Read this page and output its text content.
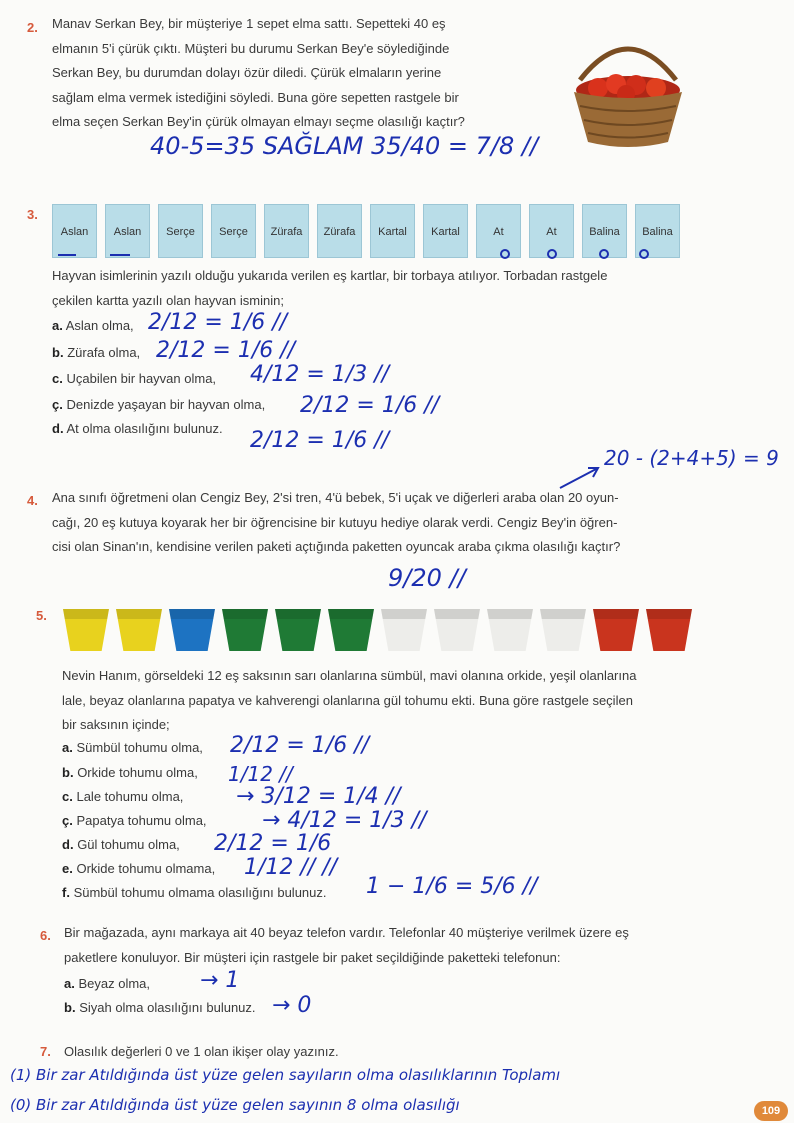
2. Manav Serkan Bey, bir müşteriye 1 sepet elma sattı. Sepetteki 40 eş
elmanın 5'i çürük çıktı. Müşteri bu durumu Serkan Bey'e söylediğinde
Serkan Bey, bu durumdan dolayı özür diledi. Çürük elmaların yerine
sağlam elma vermek istediğini söyledi. Buna göre sepetten rastgele bir
elma seçen Serkan Bey'in çürük olmayan elmayı seçme olasılığı kaçtır?
40-5=35 SAĞLAM 35/40 = 7/8 //
3.
Aslan	Aslan	Serçe	Serçe	Zürafa	Zürafa	Kartal	Kartal	At	At	Balina	Balina
Hayvan isimlerinin yazılı olduğu yukarıda verilen eş kartlar, bir torbaya atılıyor. Torbadan rastgele
çekilen kartta yazılı olan hayvan isminin;
a. Aslan olma, 2/12 = 1/6 //
b. Zürafa olma, 2/12 = 1/6 //
c. Uçabilen bir hayvan olma, 4/12 = 1/3 //
ç. Denizde yaşayan bir hayvan olma, 2/12 = 1/6 //
d. At olma olasılığını bulunuz. 2/12 = 1/6 //
20 - (2+4+5) = 9
4. Ana sınıfı öğretmeni olan Cengiz Bey, 2'si tren, 4'ü bebek, 5'i uçak ve diğerleri araba olan 20 oyun-
cağı, 20 eş kutuya koyarak her bir öğrencisine bir kutuyu hediye olarak verdi. Cengiz Bey'in öğren-
cisi olan Sinan'ın, kendisine verilen paketi açtığında paketten oyuncak araba çıkma olasılığı kaçtır?
9/20 //
5.
Nevin Hanım, görseldeki 12 eş saksının sarı olanlarına sümbül, mavi olanına orkide, yeşil olanlarına
lale, beyaz olanlarına papatya ve kahverengi olanlarına gül tohumu ekti. Buna göre rastgele seçilen
bir saksının içinde;
a. Sümbül tohumu olma, 2/12 = 1/6 //
b. Orkide tohumu olma, 1/12 //
c. Lale tohumu olma, → 3/12 = 1/4 //
ç. Papatya tohumu olma,	→ 4/12 = 1/3 //
d. Gül tohumu olma, 2/12 = 1/6
e. Orkide tohumu olmama, 1/12 // //
f. Sümbül tohumu olmama olasılığını bulunuz. 1 − 1/6 = 5/6 //
6. Bir mağazada, aynı markaya ait 40 beyaz telefon vardır. Telefonlar 40 müşteriye verilmek üzere eş
paketlere konuluyor. Bir müşteri için rastgele bir paket seçildiğinde paketteki telefonun:
a. Beyaz olma, → 1
b. Siyah olma olasılığını bulunuz. → 0
7. Olasılık değerleri 0 ve 1 olan ikişer olay yazınız.
(1) Bir zar Atıldığında üst yüze gelen sayıların olma olasılıklarının Toplamı
(0) Bir zar Atıldığında üst yüze gelen sayının 8 olma olasılığı	109
